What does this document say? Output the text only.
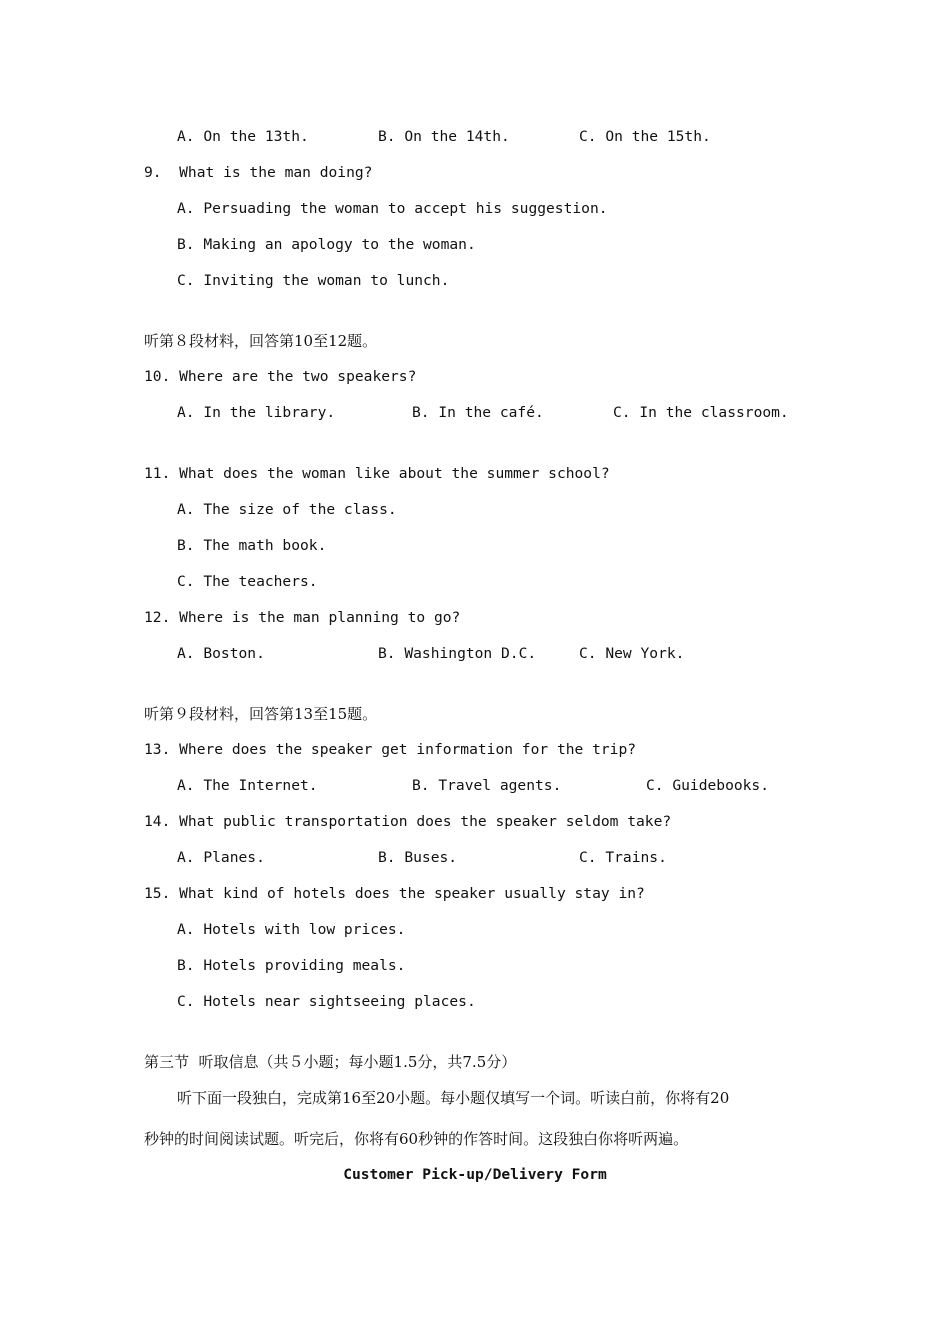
A. On the 13th.	B. On the 14th.	C. On the 15th.
9.  What is the man doing?
A. Persuading the woman to accept his suggestion.
B. Making an apology to the woman.
C. Inviting the woman to lunch.
听第８段材料，回答第10至12题。
10. Where are the two speakers?
A. In the library.	B. In the café.	C. In the classroom.
11. What does the woman like about the summer school?
A. The size of the class.
B. The math book.
C. The teachers.
12. Where is the man planning to go?
A. Boston.	B. Washington D.C.	C. New York.
听第９段材料，回答第13至15题。
13. Where does the speaker get information for the trip?
A. The Internet.	B. Travel agents.	C. Guidebooks.
14. What public transportation does the speaker seldom take?
A. Planes.	B. Buses.	C. Trains.
15. What kind of hotels does the speaker usually stay in?
A. Hotels with low prices.
B. Hotels providing meals.
C. Hotels near sightseeing places.
第三节  听取信息（共５小题；每小题1.5分，共7.5分）
听下面一段独白，完成第16至20小题。每小题仅填写一个词。听读白前，你将有20
秒钟的时间阅读试题。听完后，你将有60秒钟的作答时间。这段独白你将听两遍。
Customer Pick-up/Delivery Form
